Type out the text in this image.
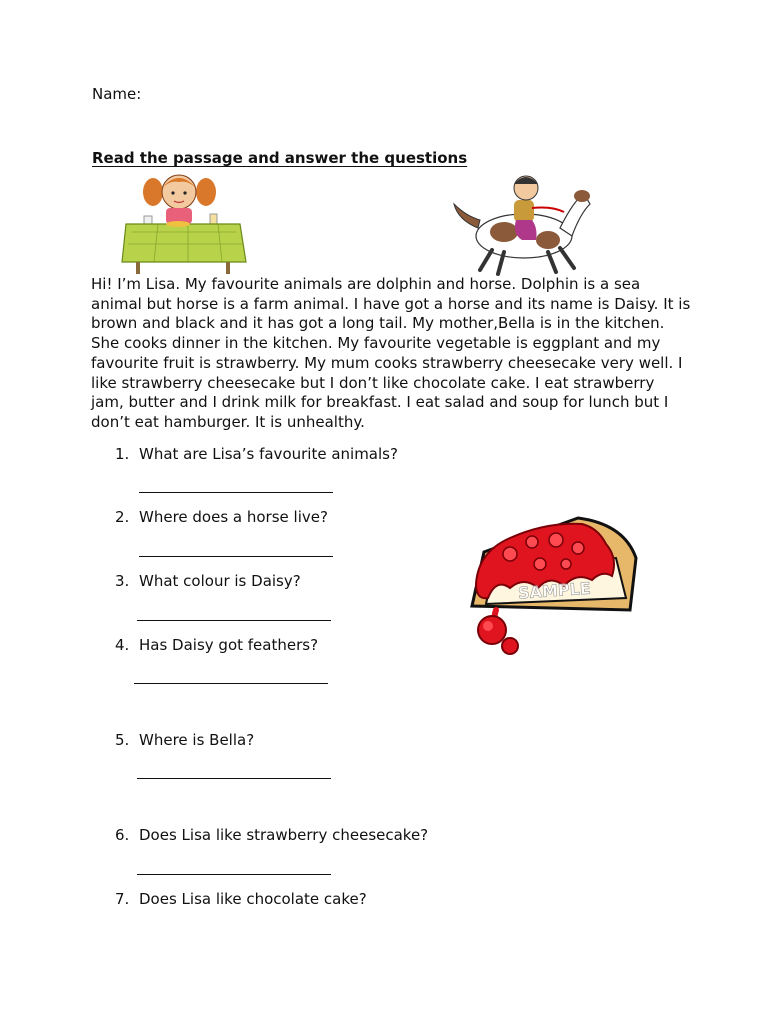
Name:
Read the passage and answer the questions
Hi! I’m Lisa. My favourite animals are dolphin and horse. Dolphin is a sea animal but horse is a farm animal. I have got a horse and its name is Daisy. It is brown and black and it has got a long tail. My mother,Bella is in the kitchen. She cooks dinner in the kitchen. My favourite vegetable is eggplant and my favourite fruit is strawberry. My mum cooks strawberry cheesecake very well. I like strawberry cheesecake but I don’t like chocolate cake. I eat strawberry jam, butter and I drink milk for breakfast. I eat salad and soup for lunch but I don’t eat hamburger. It is unhealthy.
1. What are Lisa’s favourite animals?
2. Where does a horse live?
3. What colour is Daisy?
4. Has Daisy got feathers?
5. Where is Bella?
6. Does Lisa like strawberry cheesecake?
7. Does Lisa like chocolate cake?
SAMPLE
